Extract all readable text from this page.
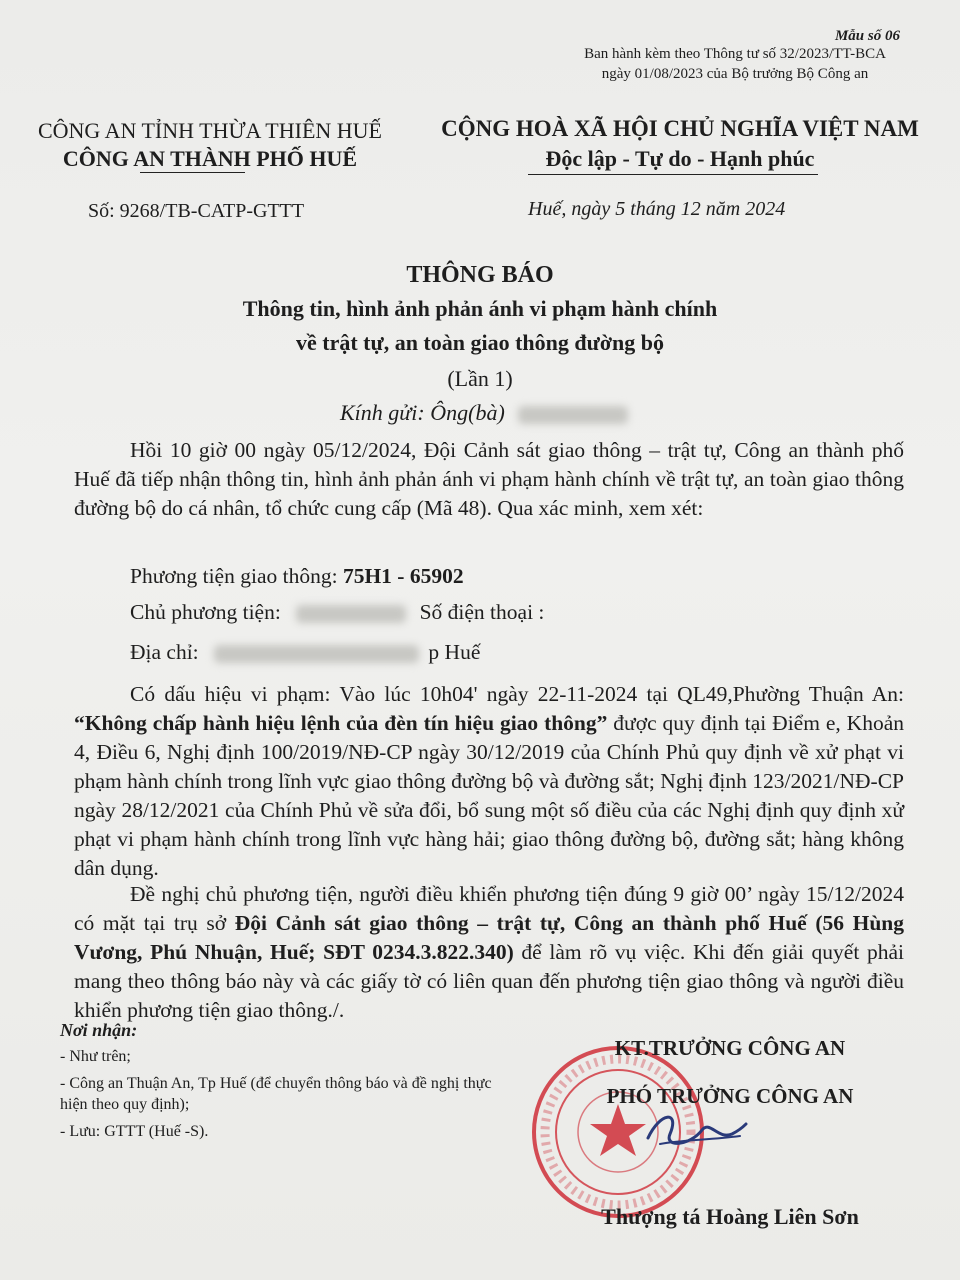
Mẫu số 06
Ban hành kèm theo Thông tư số 32/2023/TT-BCA
ngày 01/08/2023 của Bộ trưởng Bộ Công an
CÔNG AN TỈNH THỪA THIÊN HUẾ
CÔNG AN THÀNH PHỐ HUẾ
CỘNG HOÀ XÃ HỘI CHỦ NGHĨA VIỆT NAM
Độc lập - Tự do - Hạnh phúc
Số: 9268/TB-CATP-GTTT	Huế, ngày 5 tháng 12 năm 2024
THÔNG BÁO
Thông tin, hình ảnh phản ánh vi phạm hành chính
về trật tự, an toàn giao thông đường bộ
(Lần 1)
Kính gửi: Ông(bà)

Hồi 10 giờ 00 ngày 05/12/2024, Đội Cảnh sát giao thông – trật tự, Công an thành phố Huế đã tiếp nhận thông tin, hình ảnh phản ánh vi phạm hành chính về trật tự, an toàn giao thông đường bộ do cá nhân, tổ chức cung cấp (Mã 48). Qua xác minh, xem xét:

Phương tiện giao thông: 75H1 - 65902
Chủ phương tiện:	Số điện thoại :
Địa chỉ:	p Huế

Có dấu hiệu vi phạm: Vào lúc 10h04' ngày 22-11-2024 tại QL49,Phường Thuận An: “Không chấp hành hiệu lệnh của đèn tín hiệu giao thông” được quy định tại Điểm e, Khoản 4, Điều 6, Nghị định 100/2019/NĐ-CP ngày 30/12/2019 của Chính Phủ quy định về xử phạt vi phạm hành chính trong lĩnh vực giao thông đường bộ và đường sắt; Nghị định 123/2021/NĐ-CP ngày 28/12/2021 của Chính Phủ về sửa đổi, bổ sung một số điều của các Nghị định quy định xử phạt vi phạm hành chính trong lĩnh vực hàng hải; giao thông đường bộ, đường sắt; hàng không dân dụng.

Đề nghị chủ phương tiện, người điều khiển phương tiện đúng 9 giờ 00’ ngày 15/12/2024 có mặt tại trụ sở Đội Cảnh sát giao thông – trật tự, Công an thành phố Huế (56 Hùng Vương, Phú Nhuận, Huế; SĐT 0234.3.822.340) để làm rõ vụ việc. Khi đến giải quyết phải mang theo thông báo này và các giấy tờ có liên quan đến phương tiện giao thông và người điều khiển phương tiện giao thông./.

Nơi nhận:
- Như trên;
- Công an Thuận An, Tp Huế (để chuyển thông báo và đề nghị thực hiện theo quy định);
- Lưu: GTTT (Huế -S).
KT.TRƯỞNG CÔNG AN
PHÓ TRƯỞNG CÔNG AN
Thượng tá Hoàng Liên Sơn
